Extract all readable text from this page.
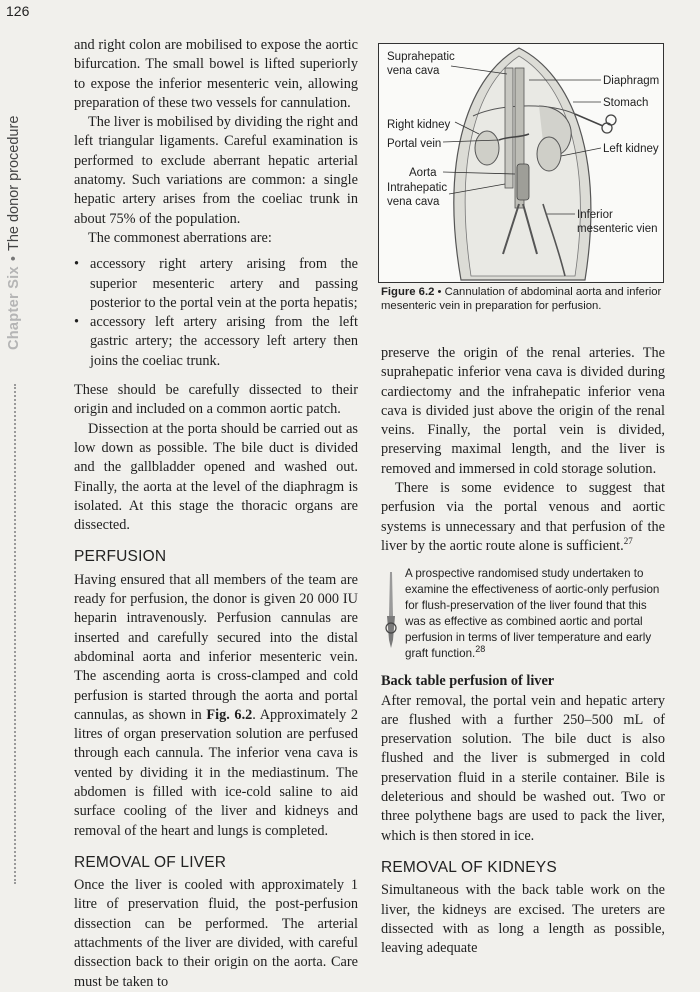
126
Chapter Six•The donor procedure

and right colon are mobilised to expose the aortic bifurcation. The small bowel is lifted superiorly to expose the inferior mesenteric vein, allowing preparation of these two vessels for cannulation.

The liver is mobilised by dividing the right and left triangular ligaments. Careful examination is performed to exclude aberrant hepatic arterial anatomy. Such variations are common: a single hepatic artery arises from the coeliac trunk in about 75% of the population.

The commonest aberrations are:

• accessory right artery arising from the superior mesenteric artery and passing posterior to the portal vein at the porta hepatis;
• accessory left artery arising from the left gastric artery; the accessory left artery then joins the coeliac trunk.

These should be carefully dissected to their origin and included on a common aortic patch.

Dissection at the porta should be carried out as low down as possible. The bile duct is divided and the gallbladder opened and washed out. Finally, the aorta at the level of the diaphragm is isolated. At this stage the thoracic organs are dissected.

PERFUSION

Having ensured that all members of the team are ready for perfusion, the donor is given 20 000 IU heparin intravenously. Perfusion cannulas are inserted and carefully secured into the distal abdominal aorta and inferior mesenteric vein. The ascending aorta is cross-clamped and cold perfusion is started through the aorta and portal cannulas, as shown in Fig. 6.2. Approximately 2 litres of organ preservation solution are perfused through each cannula. The inferior vena cava is vented by dividing it in the mediastinum. The abdomen is filled with ice-cold saline to aid surface cooling of the liver and kidneys and removal of the heart and lungs is completed.

REMOVAL OF LIVER

Once the liver is cooled with approximately 1 litre of preservation fluid, the post-perfusion dissection can be performed. The arterial attachments of the liver are divided, with careful dissection back to their origin on the aorta. Care must be taken to

Suprahepatic
vena cava
Diaphragm
Stomach
Right kidney
Portal vein	Left kidney
Aorta
Intrahepatic
vena cava
Inferior
mesenteric vien
Figure 6.2 • Cannulation of abdominal aorta and inferior mesenteric vein in preparation for perfusion.

preserve the origin of the renal arteries. The suprahepatic inferior vena cava is divided during cardiectomy and the infrahepatic inferior vena cava is divided just above the origin of the renal veins. Finally, the portal vein is divided, preserving maximal length, and the liver is removed and immersed in cold storage solution.

There is some evidence to suggest that perfusion via the portal venous and aortic systems is unnecessary and that perfusion of the liver by the aortic route alone is sufficient.$^{27}$

A prospective randomised study undertaken to examine the effectiveness of aortic-only perfusion for flush-preservation of the liver found that this was as effective as combined aortic and portal perfusion in terms of liver temperature and early graft function.$^{28}$

Back table perfusion of liver

After removal, the portal vein and hepatic artery are flushed with a further 250–500 mL of preservation solution. The bile duct is also flushed and the liver is submerged in cold preservation fluid in a sterile container. Bile is deleterious and should be washed out. Two or three polythene bags are used to pack the liver, which is then stored in ice.

REMOVAL OF KIDNEYS

Simultaneous with the back table work on the liver, the kidneys are excised. The ureters are dissected with as long a length as possible, leaving adequate
